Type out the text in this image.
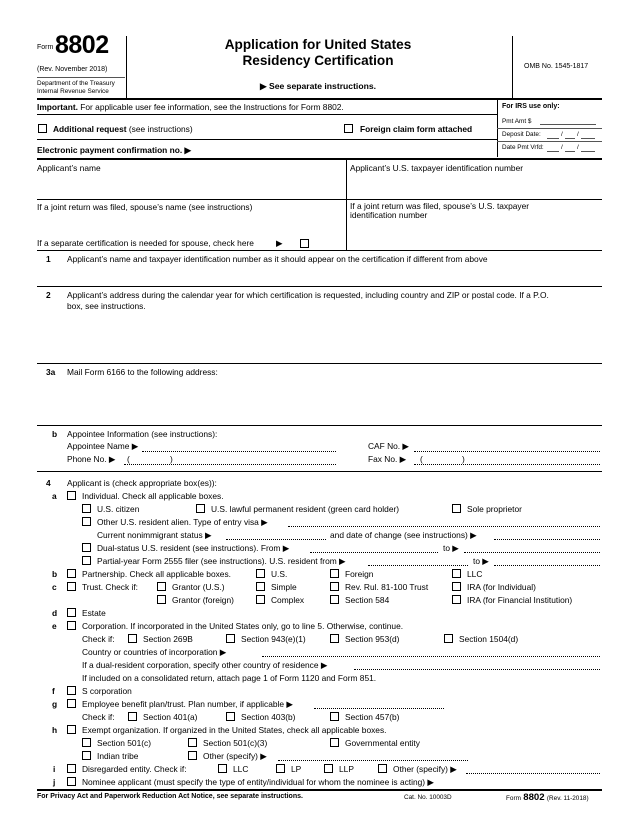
Form 8802
(Rev. November 2018)
Department of the Treasury
Internal Revenue Service
Application for United States
Residency Certification
▶ See separate instructions.
OMB No. 1545-1817
Important. For applicable user fee information, see the Instructions for Form 8802.	For IRS use only:
Pmt Amt $
Deposit Date:	/ /
Date Pmt Vrfd:	/ /
Additional request (see instructions)	Foreign claim form attached
Electronic payment confirmation no. ▶
Applicant’s name	Applicant’s U.S. taxpayer identification number
If a joint return was filed, spouse’s name (see instructions)	If a joint return was filed, spouse’s U.S. taxpayer
identification number
If a separate certification is needed for spouse, check here	▶
1 Applicant’s name and taxpayer identification number as it should appear on the certification if different from above
2 Applicant’s address during the calendar year for which certification is requested, including country and ZIP or postal code. If a P.O.
box, see instructions.
3a Mail Form 6166 to the following address:
b Appointee Information (see instructions):
Appointee Name ▶
Phone No. ▶ (	)
CAF No. ▶
Fax No. ▶ (	)
4 Applicant is (check appropriate box(es)):
a	Individual. Check all applicable boxes.
U.S. citizen	U.S. lawful permanent resident (green card holder)	Sole proprietor
Other U.S. resident alien. Type of entry visa ▶
Current nonimmigrant status ▶	and date of change (see instructions) ▶
Dual-status U.S. resident (see instructions). From ▶	to ▶
Partial-year Form 2555 filer (see instructions). U.S. resident from ▶	to ▶
b	Partnership. Check all applicable boxes.	U.S.	Foreign	LLC
c	Trust. Check if:	Grantor (U.S.)	Simple	Rev. Rul. 81-100 Trust	IRA (for Individual)
Grantor (foreign)	Complex	Section 584	IRA (for Financial Institution)
d	Estate
e	Corporation. If incorporated in the United States only, go to line 5. Otherwise, continue.
Check if:	Section 269B	Section 943(e)(1)	Section 953(d)	Section 1504(d)
Country or countries of incorporation ▶
If a dual-resident corporation, specify other country of residence ▶
If included on a consolidated return, attach page 1 of Form 1120 and Form 851.
f	S corporation
g	Employee benefit plan/trust. Plan number, if applicable ▶
Check if:	Section 401(a)	Section 403(b)	Section 457(b)
h	Exempt organization. If organized in the United States, check all applicable boxes.
Section 501(c)	Section 501(c)(3)	Governmental entity
Indian tribe	Other (specify) ▶
i	Disregarded entity. Check if:	LLC	LP	LLP	Other (specify) ▶
j	Nominee applicant (must specify the type of entity/individual for whom the nominee is acting) ▶
For Privacy Act and Paperwork Reduction Act Notice, see separate instructions.	Cat. No. 10003D	Form 8802 (Rev. 11-2018)
